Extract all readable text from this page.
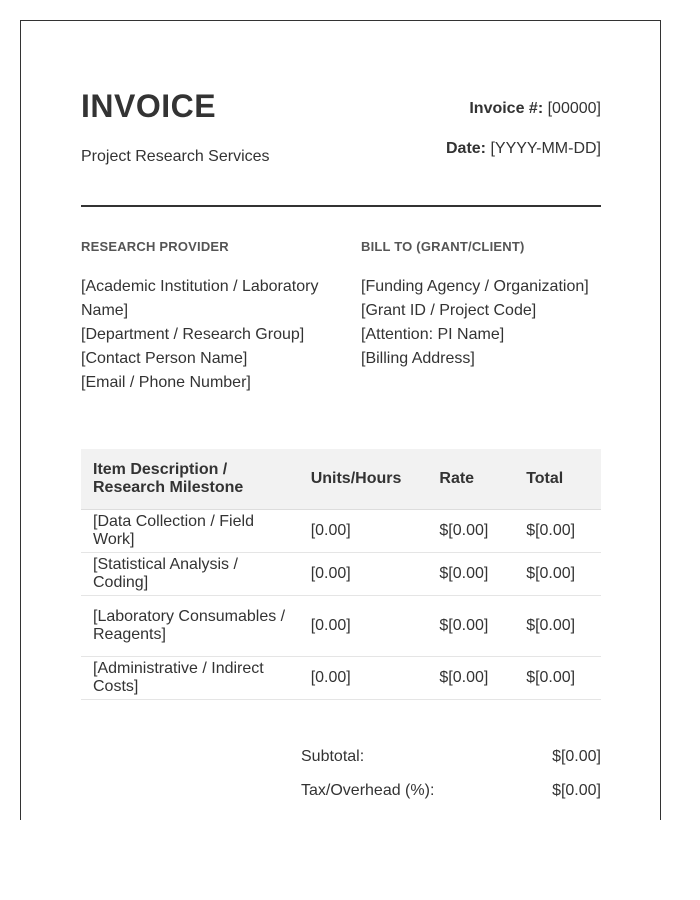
INVOICE
Project Research Services
Invoice #: [00000]
Date: [YYYY-MM-DD]
RESEARCH PROVIDER
[Academic Institution / Laboratory Name]
[Department / Research Group]
[Contact Person Name]
[Email / Phone Number]
BILL TO (GRANT/CLIENT)
[Funding Agency / Organization]
[Grant ID / Project Code]
[Attention: PI Name]
[Billing Address]
Item Description / Research Milestone	Units/Hours	Rate	Total
[Data Collection / Field Work]	[0.00]	$[0.00]	$[0.00]
[Statistical Analysis / Coding]	[0.00]	$[0.00]	$[0.00]
[Laboratory Consumables / Reagents]	[0.00]	$[0.00]	$[0.00]
[Administrative / Indirect Costs]	[0.00]	$[0.00]	$[0.00]
Subtotal:	$[0.00]
Tax/Overhead (%):	$[0.00]
